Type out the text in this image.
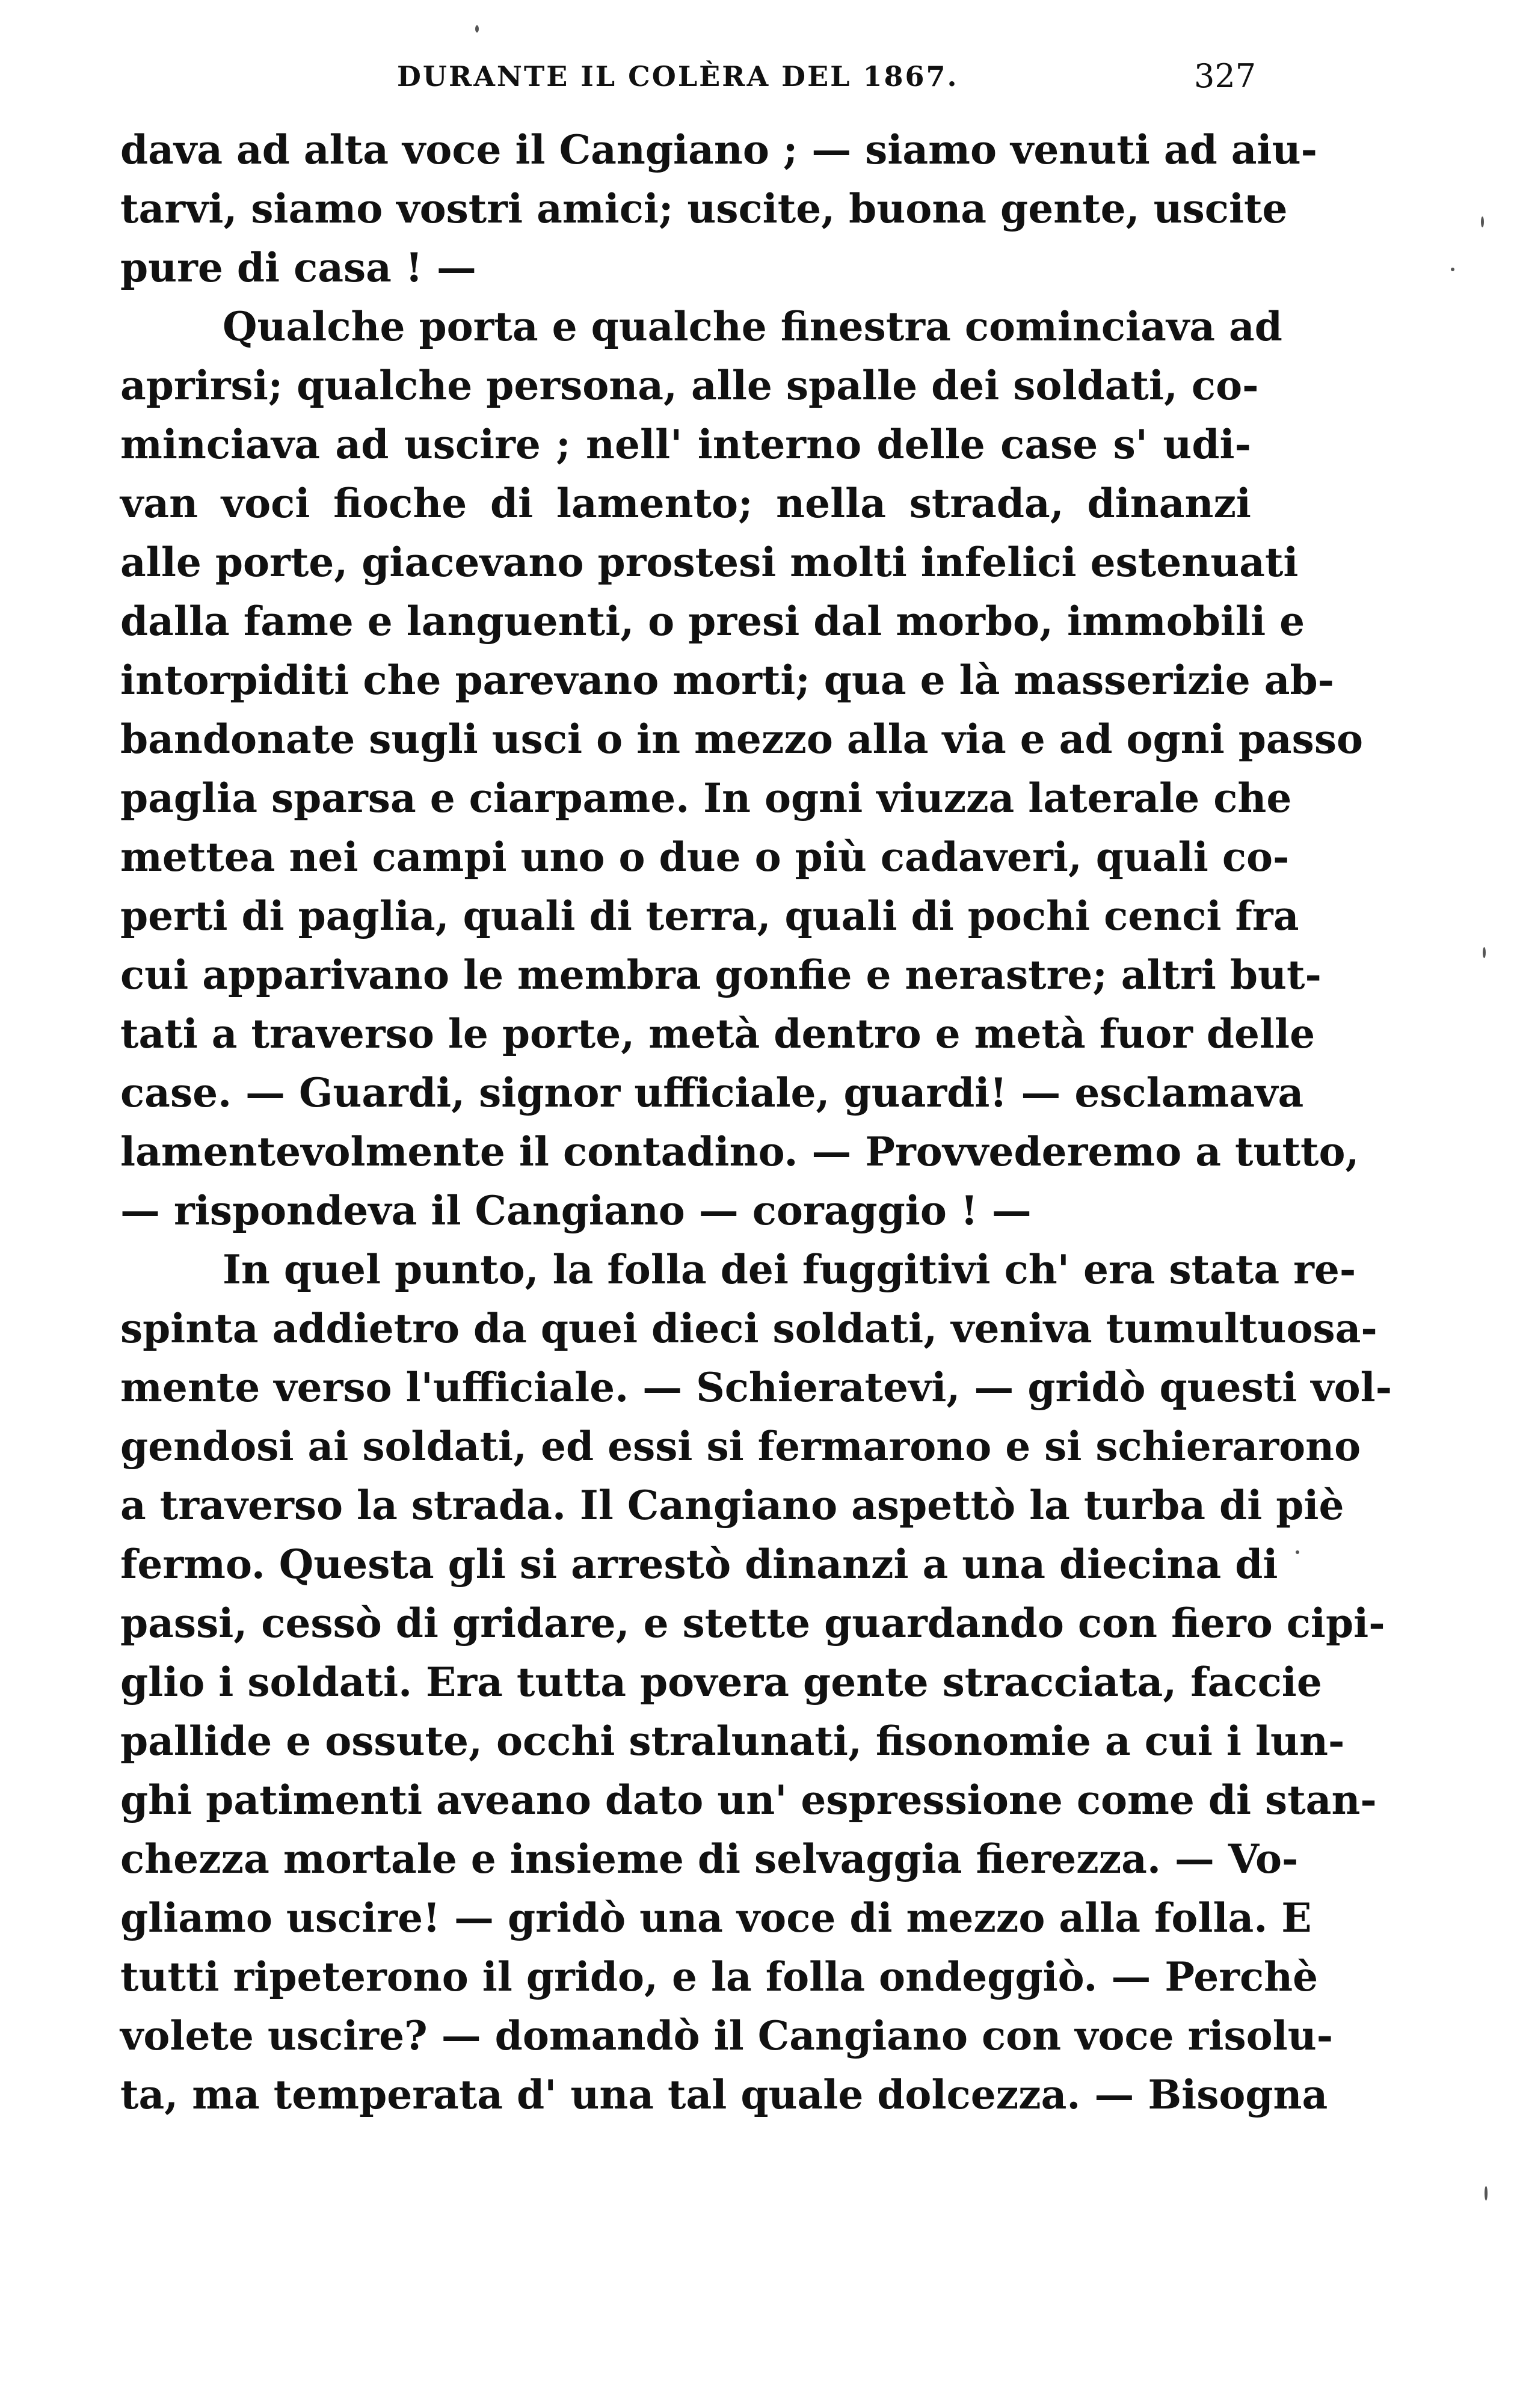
DURANTE IL COLÈRA DEL 1867.	327
dava ad alta voce il Cangiano ; — siamo venuti ad aiu-
tarvi, siamo vostri amici; uscite, buona gente, uscite
pure di casa ! —
Qualche porta e qualche finestra cominciava ad
aprirsi; qualche persona, alle spalle dei soldati, co-
minciava ad uscire ; nell' interno delle case s' udi-
van voci fioche di lamento; nella strada, dinanzi
alle porte, giacevano prostesi molti infelici estenuati
dalla fame e languenti, o presi dal morbo, immobili e
intorpiditi che parevano morti; qua e là masserizie ab-
bandonate sugli usci o in mezzo alla via e ad ogni passo
paglia sparsa e ciarpame. In ogni viuzza laterale che
mettea nei campi uno o due o più cadaveri, quali co-
perti di paglia, quali di terra, quali di pochi cenci fra
cui apparivano le membra gonfie e nerastre; altri but-
tati a traverso le porte, metà dentro e metà fuor delle
case. — Guardi, signor ufficiale, guardi! — esclamava
lamentevolmente il contadino. — Provvederemo a tutto,
— rispondeva il Cangiano — coraggio ! —
In quel punto, la folla dei fuggitivi ch' era stata re-
spinta addietro da quei dieci soldati, veniva tumultuosa-
mente verso l'ufficiale. — Schieratevi, — gridò questi vol-
gendosi ai soldati, ed essi si fermarono e si schierarono
a traverso la strada. Il Cangiano aspettò la turba di piè
fermo. Questa gli si arrestò dinanzi a una diecina di
passi, cessò di gridare, e stette guardando con fiero cipi-
glio i soldati. Era tutta povera gente stracciata, faccie
pallide e ossute, occhi stralunati, fisonomie a cui i lun-
ghi patimenti aveano dato un' espressione come di stan-
chezza mortale e insieme di selvaggia fierezza. — Vo-
gliamo uscire! — gridò una voce di mezzo alla folla. E
tutti ripeterono il grido, e la folla ondeggiò. — Perchè
volete uscire? — domandò il Cangiano con voce risolu-
ta, ma temperata d' una tal quale dolcezza. — Bisogna
